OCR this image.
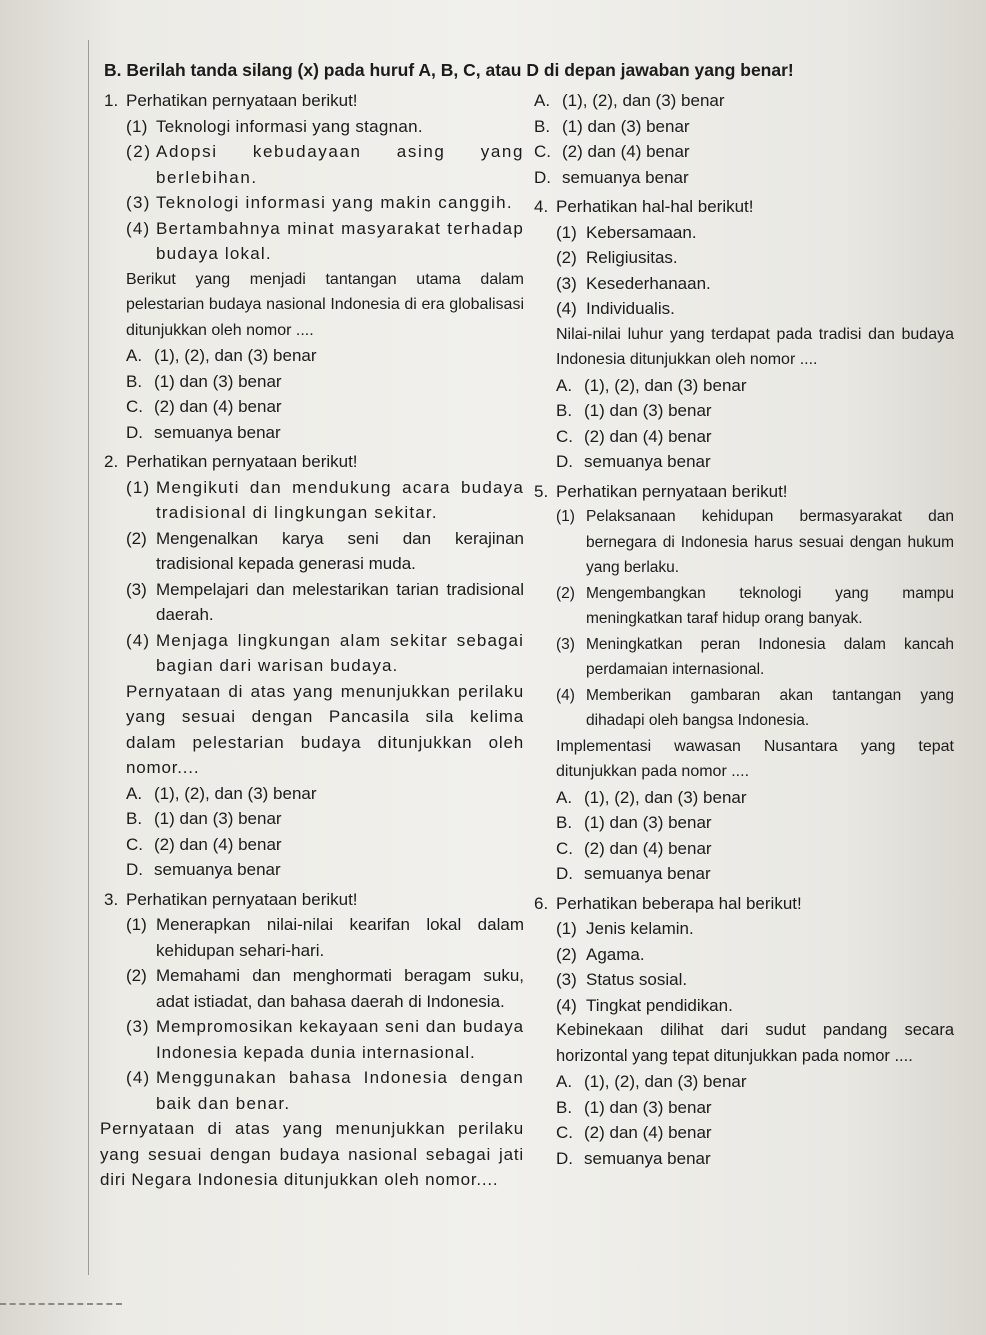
B. Berilah tanda silang (x) pada huruf A, B, C, atau D di depan jawaban yang benar!
1. Perhatikan pernyataan berikut!
(1) Teknologi informasi yang stagnan.
(2) Adopsi kebudayaan asing yang berlebihan.
(3) Teknologi informasi yang makin canggih.
(4) Bertambahnya minat masyarakat terhadap budaya lokal.
Berikut yang menjadi tantangan utama dalam pelestarian budaya nasional Indonesia di era globalisasi ditunjukkan oleh nomor ....
A. (1), (2), dan (3) benar
B. (1) dan (3) benar
C. (2) dan (4) benar
D. semuanya benar
2. Perhatikan pernyataan berikut!
(1) Mengikuti dan mendukung acara budaya tradisional di lingkungan sekitar.
(2) Mengenalkan karya seni dan kerajinan tradisional kepada generasi muda.
(3) Mempelajari dan melestarikan tarian tradisional daerah.
(4) Menjaga lingkungan alam sekitar sebagai bagian dari warisan budaya.
Pernyataan di atas yang menunjukkan perilaku yang sesuai dengan Pancasila sila kelima dalam pelestarian budaya ditunjukkan oleh nomor....
A. (1), (2), dan (3) benar
B. (1) dan (3) benar
C. (2) dan (4) benar
D. semuanya benar
3. Perhatikan pernyataan berikut!
(1) Menerapkan nilai-nilai kearifan lokal dalam kehidupan sehari-hari.
(2) Memahami dan menghormati beragam suku, adat istiadat, dan bahasa daerah di Indonesia.
(3) Mempromosikan kekayaan seni dan budaya Indonesia kepada dunia internasional.
(4) Menggunakan bahasa Indonesia dengan baik dan benar.
Pernyataan di atas yang menunjukkan perilaku yang sesuai dengan budaya nasional sebagai jati diri Negara Indonesia ditunjukkan oleh nomor....
A. (1), (2), dan (3) benar
B. (1) dan (3) benar
C. (2) dan (4) benar
D. semuanya benar
4. Perhatikan hal-hal berikut!
(1) Kebersamaan.
(2) Religiusitas.
(3) Kesederhanaan.
(4) Individualis.
Nilai-nilai luhur yang terdapat pada tradisi dan budaya Indonesia ditunjukkan oleh nomor ....
A. (1), (2), dan (3) benar
B. (1) dan (3) benar
C. (2) dan (4) benar
D. semuanya benar
5. Perhatikan pernyataan berikut!
(1) Pelaksanaan kehidupan bermasyarakat dan bernegara di Indonesia harus sesuai dengan hukum yang berlaku.
(2) Mengembangkan teknologi yang mampu meningkatkan taraf hidup orang banyak.
(3) Meningkatkan peran Indonesia dalam kancah perdamaian internasional.
(4) Memberikan gambaran akan tantangan yang dihadapi oleh bangsa Indonesia.
Implementasi wawasan Nusantara yang tepat ditunjukkan pada nomor ....
A. (1), (2), dan (3) benar
B. (1) dan (3) benar
C. (2) dan (4) benar
D. semuanya benar
6. Perhatikan beberapa hal berikut!
(1) Jenis kelamin.
(2) Agama.
(3) Status sosial.
(4) Tingkat pendidikan.
Kebinekaan dilihat dari sudut pandang secara horizontal yang tepat ditunjukkan pada nomor ....
A. (1), (2), dan (3) benar
B. (1) dan (3) benar
C. (2) dan (4) benar
D. semuanya benar
